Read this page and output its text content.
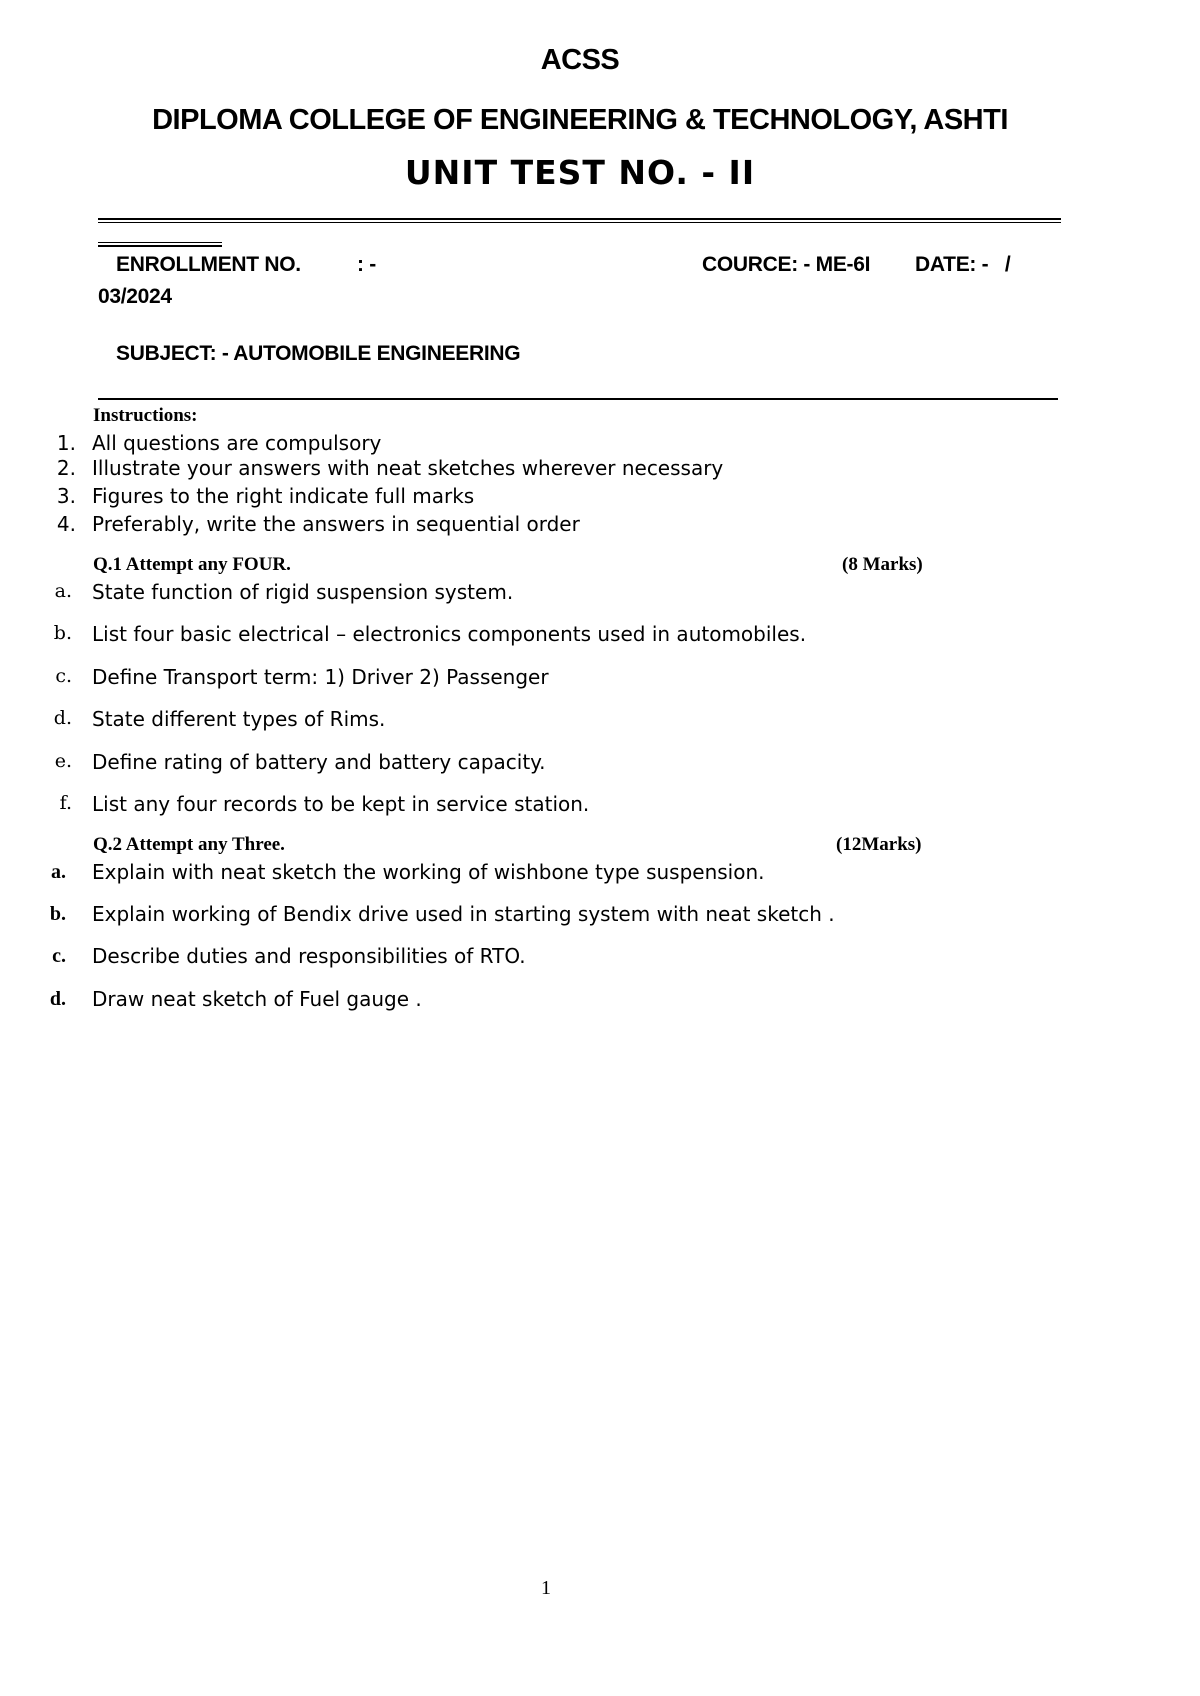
ACSS
DIPLOMA COLLEGE OF ENGINEERING & TECHNOLOGY, ASHTI
UNIT TEST NO. - II
ENROLLMENT NO.	: -	COURCE: - ME-6I DATE: -   /
03/2024
SUBJECT: - AUTOMOBILE ENGINEERING
Instructions:
1. All questions are compulsory
2. Illustrate your answers with neat sketches wherever necessary
3. Figures to the right indicate full marks
4. Preferably, write the answers in sequential order
Q.1 Attempt any FOUR.	(8 Marks)
a. State function of rigid suspension system.
b. List four basic electrical – electronics components used in automobiles.
c. Define Transport term: 1) Driver 2) Passenger
d. State different types of Rims.
e. Define rating of battery and battery capacity.
f. List any four records to be kept in service station.
Q.2 Attempt any Three.	(12Marks)
a. Explain with neat sketch the working of wishbone type suspension.
b. Explain working of Bendix drive used in starting system with neat sketch .
c. Describe duties and responsibilities of RTO.
d. Draw neat sketch of Fuel gauge .
1
